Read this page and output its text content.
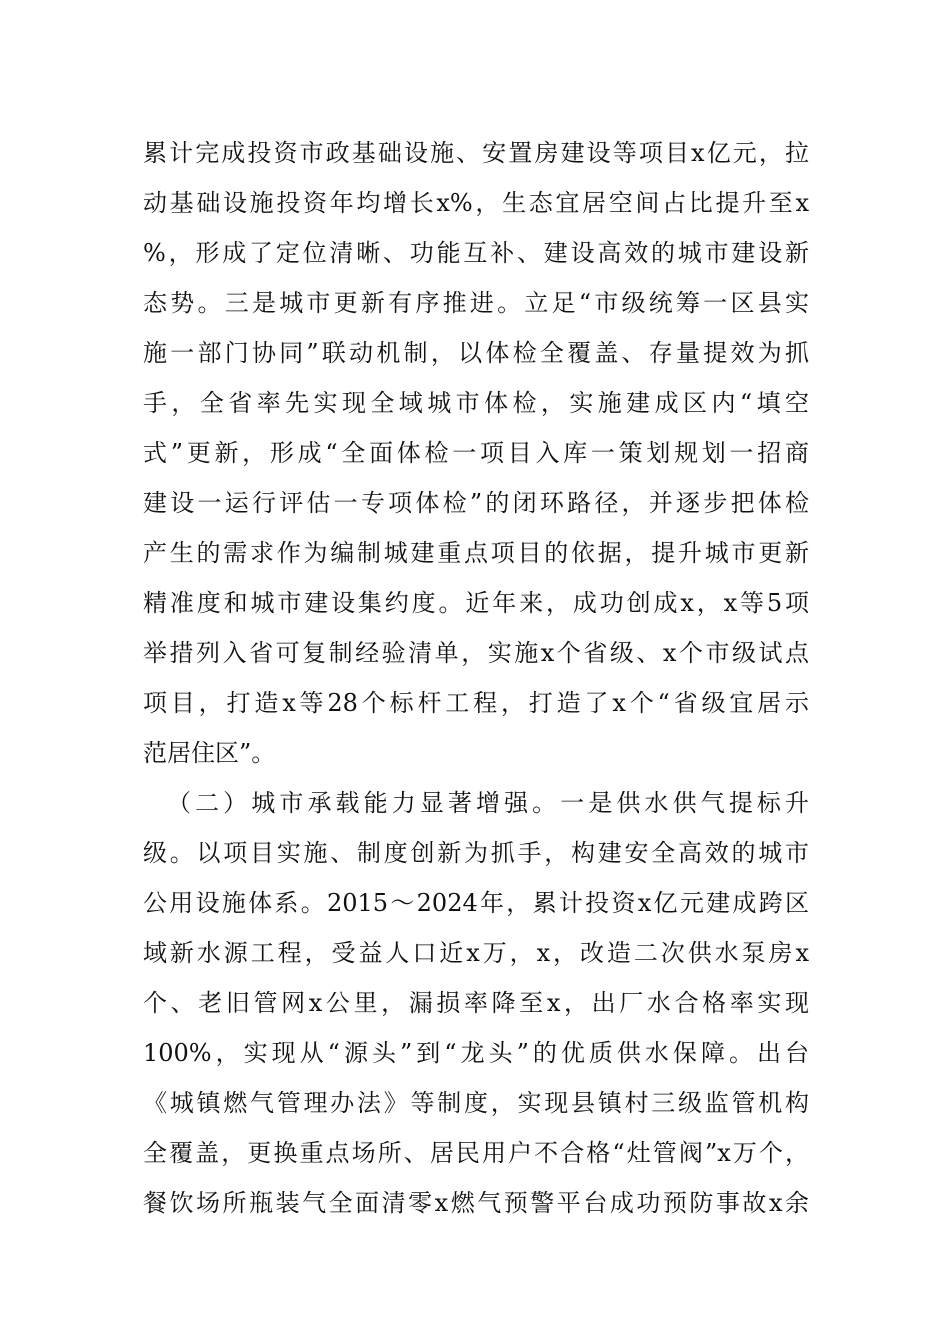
累计完成投资市政基础设施、安置房建设等项目x亿元，拉
动基础设施投资年均增长x%，生态宜居空间占比提升至x
%，形成了定位清晰、功能互补、建设高效的城市建设新
态势。三是城市更新有序推进。立足“市级统筹一区县实
施一部门协同”联动机制，以体检全覆盖、存量提效为抓
手，全省率先实现全域城市体检，实施建成区内“填空
式”更新，形成“全面体检一项目入库一策划规划一招商
建设一运行评估一专项体检”的闭环路径，并逐步把体检
产生的需求作为编制城建重点项目的依据，提升城市更新
精准度和城市建设集约度。近年来，成功创成x，x等5项
举措列入省可复制经验清单，实施x个省级、x个市级试点
项目，打造x等28个标杆工程，打造了x个“省级宜居示
范居住区”。
（二）城市承载能力显著增强。一是供水供气提标升
级。以项目实施、制度创新为抓手，构建安全高效的城市
公用设施体系。2015～2024年，累计投资x亿元建成跨区
域新水源工程，受益人口近x万，x，改造二次供水泵房x
个、老旧管网x公里，漏损率降至x，出厂水合格率实现
100%，实现从“源头”到“龙头”的优质供水保障。出台
《城镇燃气管理办法》等制度，实现县镇村三级监管机构
全覆盖，更换重点场所、居民用户不合格“灶管阀”x万个，
餐饮场所瓶装气全面清零x燃气预警平台成功预防事故x余
